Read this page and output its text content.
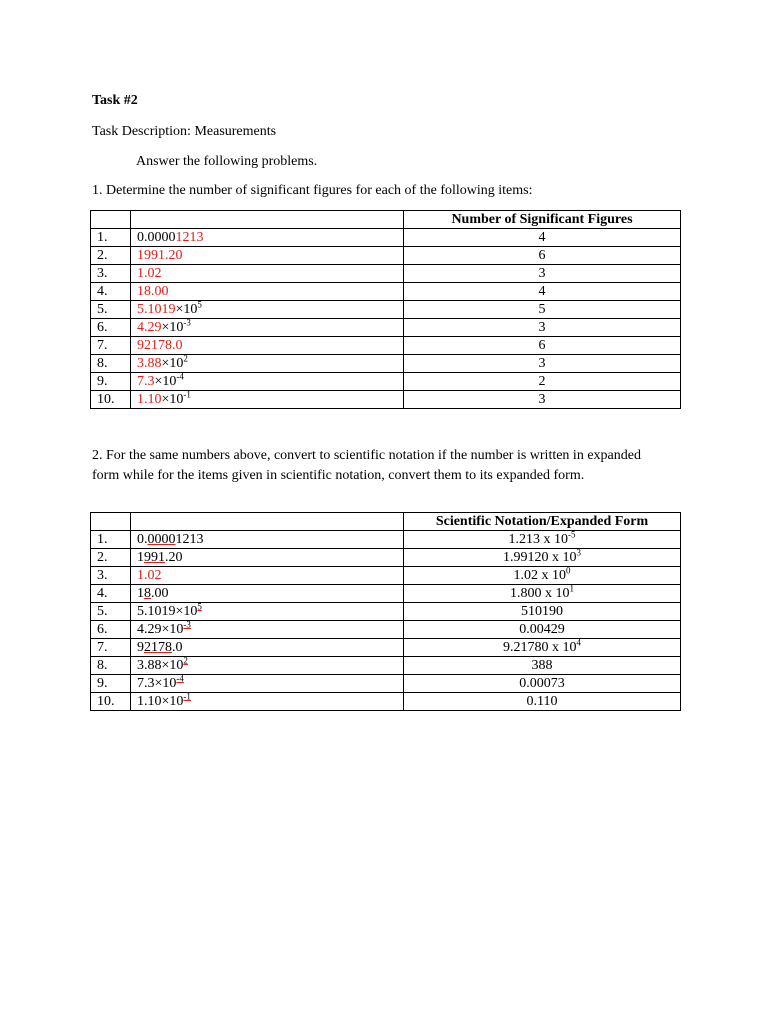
Task #2
Task Description: Measurements
Answer the following problems.
1. Determine the number of significant figures for each of the following items:
		Number of Significant Figures
1.	0.00001213	4
2.	1991.20	6
3.	1.02	3
4.	18.00	4
5.	$5.1019\times 10^5$	5
6.	$4.29\times 10^{-3}$	3
7.	92178.0	6
8.	$3.88\times 10^2$	3
9.	$7.3\times 10^{-4}$	2
10.	$1.10\times 10^{-1}$	3
2. For the same numbers above, convert to scientific notation if the number is written in expanded form while for the items given in scientific notation, convert them to its expanded form.
		Scientific Notation/Expanded Form
1.	0.00001213	1.213 x $10^{-5}$
2.	1991.20	1.99120 x $10^3$
3.	1.02	1.02 x $10^0$
4.	18.00	1.800 x $10^1$
5.	$5.1019\times 10^5$	510190
6.	$4.29\times 10^{-3}$	0.00429
7.	92178.0	9.21780 x $10^4$
8.	$3.88\times 10^2$	388
9.	$7.3\times 10^{-4}$	0.00073
10.	$1.10\times 10^{-1}$	0.110
